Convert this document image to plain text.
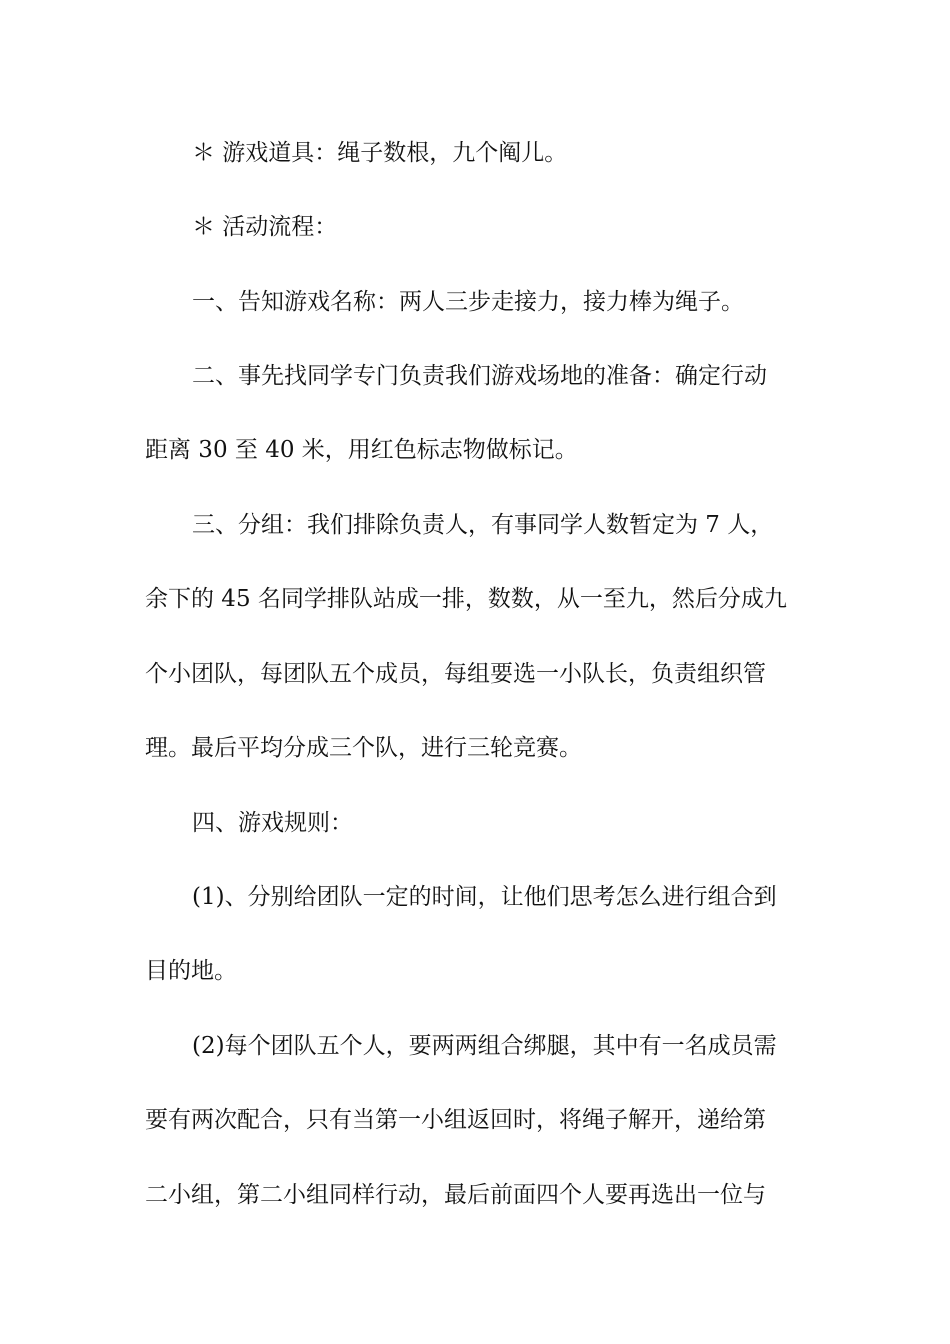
＊ 游戏道具：绳子数根，九个阄儿。
＊ 活动流程：
一、告知游戏名称：两人三步走接力，接力棒为绳子。
二、事先找同学专门负责我们游戏场地的准备：确定行动
距离 30 至 40 米，用红色标志物做标记。
三、分组：我们排除负责人，有事同学人数暂定为 7 人，
余下的 45 名同学排队站成一排，数数，从一至九，然后分成九
个小团队，每团队五个成员，每组要选一小队长，负责组织管
理。最后平均分成三个队，进行三轮竞赛。
四、游戏规则：
(1)、分别给团队一定的时间，让他们思考怎么进行组合到
目的地。
(2)每个团队五个人，要两两组合绑腿，其中有一名成员需
要有两次配合，只有当第一小组返回时，将绳子解开，递给第
二小组，第二小组同样行动，最后前面四个人要再选出一位与
